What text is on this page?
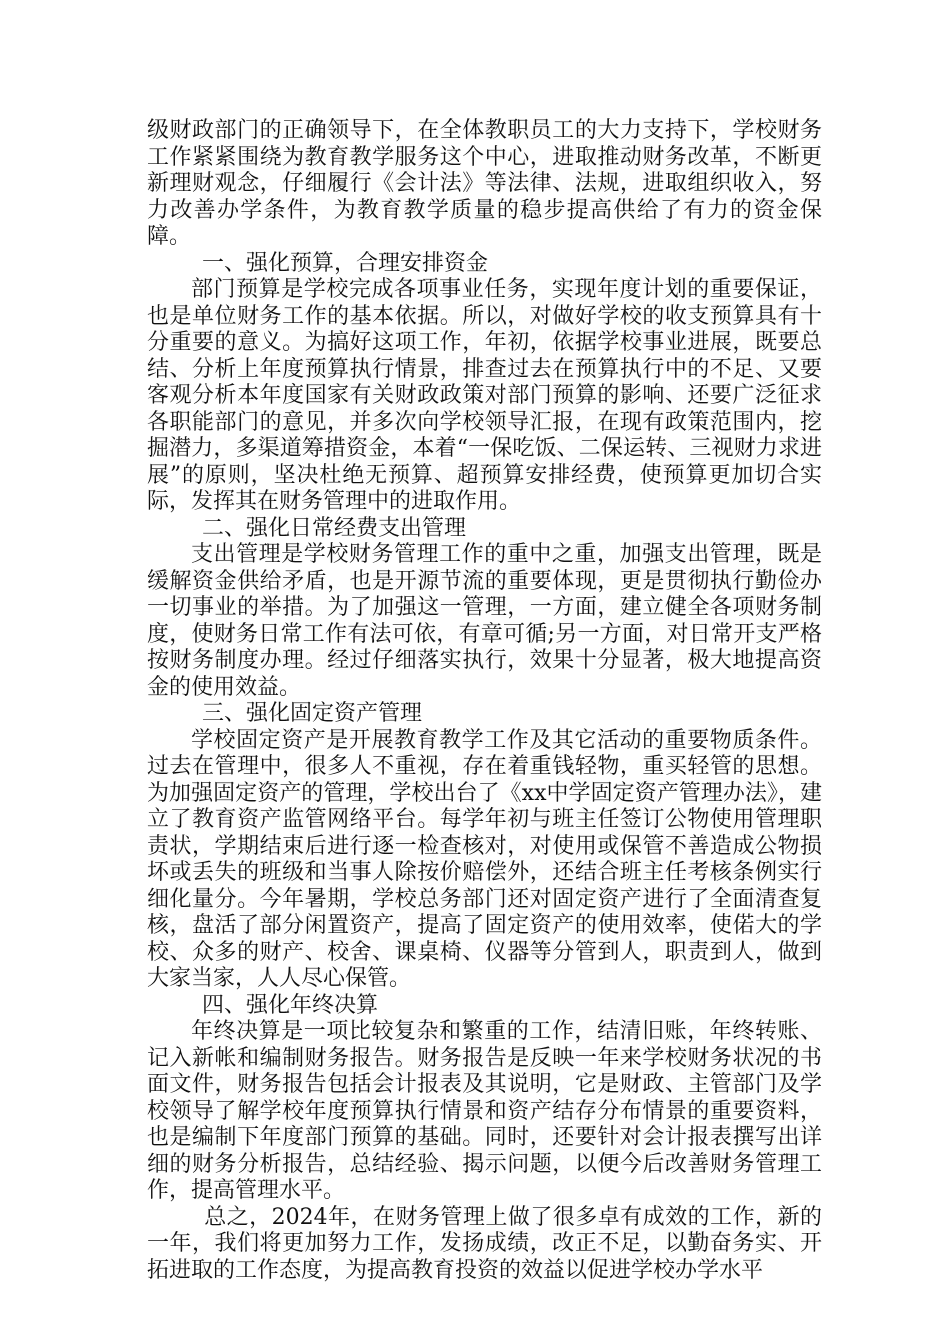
级财政部门的正确领导下，在全体教职员工的大力支持下，学校财务工作紧紧围绕为教育教学服务这个中心，进取推动财务改革，不断更新理财观念，仔细履行《会计法》等法律、法规，进取组织收入，努力改善办学条件，为教育教学质量的稳步提高供给了有力的资金保障。

一、强化预算，合理安排资金

部门预算是学校完成各项事业任务，实现年度计划的重要保证，也是单位财务工作的基本依据。所以，对做好学校的收支预算具有十分重要的意义。为搞好这项工作，年初，依据学校事业进展，既要总结、分析上年度预算执行情景，排查过去在预算执行中的不足、又要客观分析本年度国家有关财政政策对部门预算的影响、还要广泛征求各职能部门的意见，并多次向学校领导汇报，在现有政策范围内，挖掘潜力，多渠道筹措资金，本着“一保吃饭、二保运转、三视财力求进展”的原则，坚决杜绝无预算、超预算安排经费，使预算更加切合实际，发挥其在财务管理中的进取作用。

二、强化日常经费支出管理

支出管理是学校财务管理工作的重中之重，加强支出管理，既是缓解资金供给矛盾，也是开源节流的重要体现，更是贯彻执行勤俭办一切事业的举措。为了加强这一管理，一方面，建立健全各项财务制度，使财务日常工作有法可依，有章可循;另一方面，对日常开支严格按财务制度办理。经过仔细落实执行，效果十分显著，极大地提高资金的使用效益。

三、强化固定资产管理

学校固定资产是开展教育教学工作及其它活动的重要物质条件。过去在管理中，很多人不重视，存在着重钱轻物，重买轻管的思想。为加强固定资产的管理，学校出台了《xx中学固定资产管理办法》，建立了教育资产监管网络平台。每学年初与班主任签订公物使用管理职责状，学期结束后进行逐一检查核对，对使用或保管不善造成公物损坏或丢失的班级和当事人除按价赔偿外，还结合班主任考核条例实行细化量分。今年暑期，学校总务部门还对固定资产进行了全面清查复核，盘活了部分闲置资产，提高了固定资产的使用效率，使偌大的学校、众多的财产、校舍、课桌椅、仪器等分管到人，职责到人，做到大家当家，人人尽心保管。

四、强化年终决算

年终决算是一项比较复杂和繁重的工作，结清旧账，年终转账、记入新帐和编制财务报告。财务报告是反映一年来学校财务状况的书面文件，财务报告包括会计报表及其说明，它是财政、主管部门及学校领导了解学校年度预算执行情景和资产结存分布情景的重要资料，也是编制下年度部门预算的基础。同时，还要针对会计报表撰写出详细的财务分析报告，总结经验、揭示问题，以便今后改善财务管理工作，提高管理水平。

总之，2024年，在财务管理上做了很多卓有成效的工作，新的一年，我们将更加努力工作，发扬成绩，改正不足，以勤奋务实、开拓进取的工作态度，为提高教育投资的效益以促进学校办学水平
